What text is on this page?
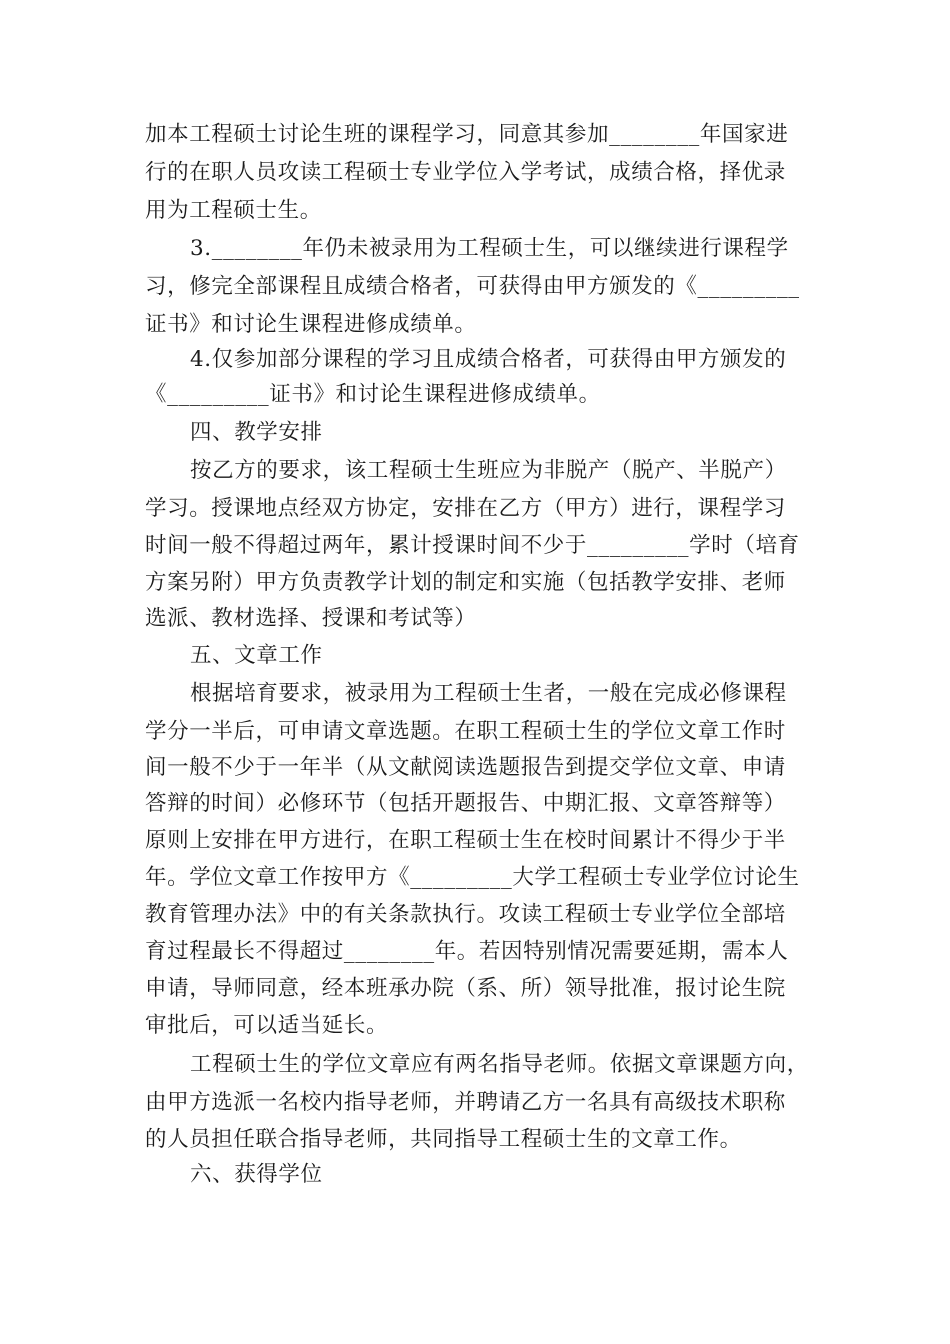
加本工程硕士讨论生班的课程学习，同意其参加________年国家进
行的在职人员攻读工程硕士专业学位入学考试，成绩合格，择优录
用为工程硕士生。
3.________年仍未被录用为工程硕士生，可以继续进行课程学
习，修完全部课程且成绩合格者，可获得由甲方颁发的《_________
证书》和讨论生课程进修成绩单。
4.仅参加部分课程的学习且成绩合格者，可获得由甲方颁发的
《_________证书》和讨论生课程进修成绩单。
四、教学安排
按乙方的要求，该工程硕士生班应为非脱产（脱产、半脱产）
学习。授课地点经双方协定，安排在乙方（甲方）进行，课程学习
时间一般不得超过两年，累计授课时间不少于_________学时（培育
方案另附）甲方负责教学计划的制定和实施（包括教学安排、老师
选派、教材选择、授课和考试等）
五、文章工作
根据培育要求，被录用为工程硕士生者，一般在完成必修课程
学分一半后，可申请文章选题。在职工程硕士生的学位文章工作时
间一般不少于一年半（从文献阅读选题报告到提交学位文章、申请
答辩的时间）必修环节（包括开题报告、中期汇报、文章答辩等）
原则上安排在甲方进行，在职工程硕士生在校时间累计不得少于半
年。学位文章工作按甲方《_________大学工程硕士专业学位讨论生
教育管理办法》中的有关条款执行。攻读工程硕士专业学位全部培
育过程最长不得超过________年。若因特别情况需要延期，需本人
申请，导师同意，经本班承办院（系、所）领导批准，报讨论生院
审批后，可以适当延长。
工程硕士生的学位文章应有两名指导老师。依据文章课题方向，
由甲方选派一名校内指导老师，并聘请乙方一名具有高级技术职称
的人员担任联合指导老师，共同指导工程硕士生的文章工作。
六、获得学位
